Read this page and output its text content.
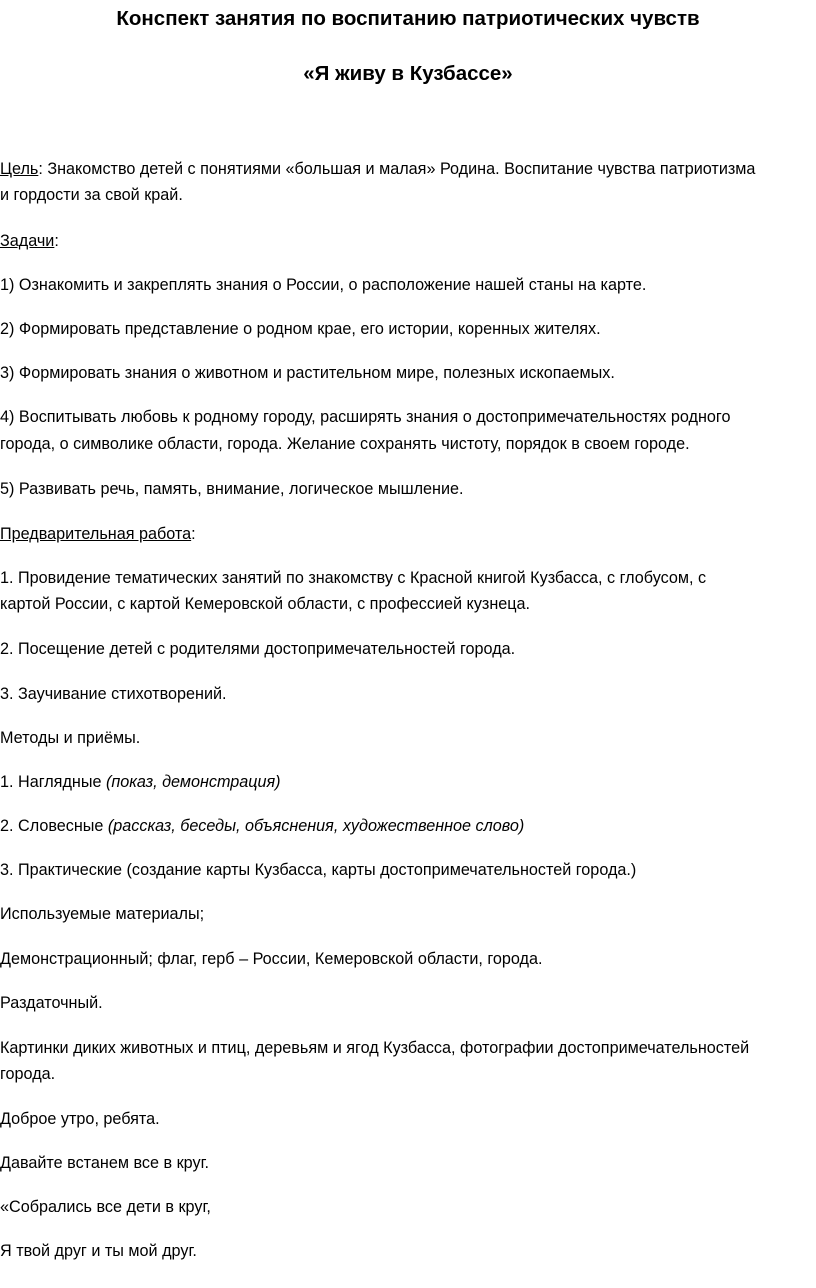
Конспект занятия по воспитанию патриотических чувств
«Я живу в Кузбассе»
Цель: Знакомство детей с понятиями «большая и малая» Родина. Воспитание чувства патриотизма
и гордости за свой край.
Задачи:
1) Ознакомить и закреплять знания о России, о расположение нашей станы на карте.
2) Формировать представление о родном крае, его истории, коренных жителях.
3) Формировать знания о животном и растительном мире, полезных ископаемых.
4) Воспитывать любовь к родному городу, расширять знания о достопримечательностях родного
города, о символике области, города. Желание сохранять чистоту, порядок в своем городе.
5) Развивать речь, память, внимание, логическое мышление.
Предварительная работа:
1. Провидение тематических занятий по знакомству с Красной книгой Кузбасса, с глобусом, с
картой России, с картой Кемеровской области, с профессией кузнеца.
2. Посещение детей с родителями достопримечательностей города.
3. Заучивание стихотворений.
Методы и приёмы.
1. Наглядные (показ, демонстрация)
2. Словесные (рассказ, беседы, объяснения, художественное слово)
3. Практические (создание карты Кузбасса, карты достопримечательностей города.)
Используемые материалы;
Демонстрационный; флаг, герб – России, Кемеровской области, города.
Раздаточный.
Картинки диких животных и птиц, деревьям и ягод Кузбасса, фотографии достопримечательностей
города.
Доброе утро, ребята.
Давайте встанем все в круг.
«Собрались все дети в круг,
Я твой друг и ты мой друг.
